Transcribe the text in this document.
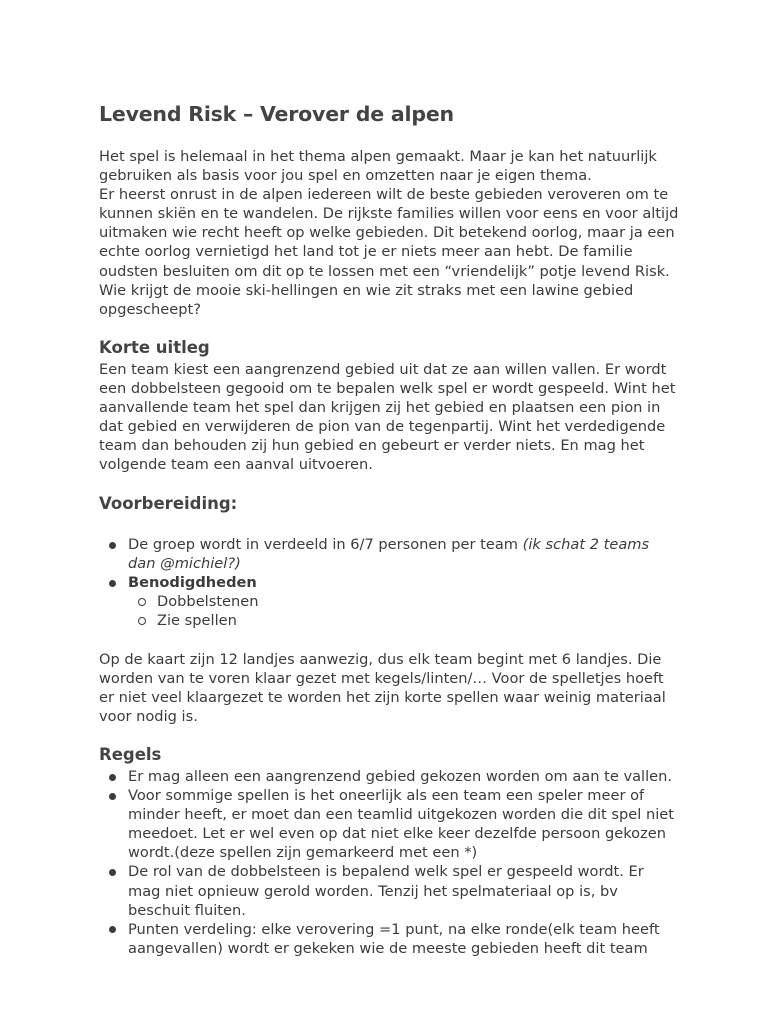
Levend Risk – Verover de alpen

Het spel is helemaal in het thema alpen gemaakt. Maar je kan het natuurlijk gebruiken als basis voor jou spel en omzetten naar je eigen thema.
Er heerst onrust in de alpen iedereen wilt de beste gebieden veroveren om te kunnen skiën en te wandelen. De rijkste families willen voor eens en voor altijd uitmaken wie recht heeft op welke gebieden. Dit betekend oorlog, maar ja een echte oorlog vernietigd het land tot je er niets meer aan hebt. De familie oudsten besluiten om dit op te lossen met een “vriendelijk” potje levend Risk. Wie krijgt de mooie ski-hellingen en wie zit straks met een lawine gebied opgescheept?

Korte uitleg

Een team kiest een aangrenzend gebied uit dat ze aan willen vallen. Er wordt een dobbelsteen gegooid om te bepalen welk spel er wordt gespeeld. Wint het aanvallende team het spel dan krijgen zij het gebied en plaatsen een pion in dat gebied en verwijderen de pion van de tegenpartij. Wint het verdedigende team dan behouden zij hun gebied en gebeurt er verder niets. En mag het volgende team een aanval uitvoeren.

Voorbereiding:
De groep wordt in verdeeld in 6/7 personen per team (ik schat 2 teams dan @michiel?)
Benodigdheden
Dobbelstenen
Zie spellen

Op de kaart zijn 12 landjes aanwezig, dus elk team begint met 6 landjes. Die worden van te voren klaar gezet met kegels/linten/… Voor de spelletjes hoeft er niet veel klaargezet te worden het zijn korte spellen waar weinig materiaal voor nodig is.

Regels
Er mag alleen een aangrenzend gebied gekozen worden om aan te vallen.
Voor sommige spellen is het oneerlijk als een team een speler meer of minder heeft, er moet dan een teamlid uitgekozen worden die dit spel niet meedoet. Let er wel even op dat niet elke keer dezelfde persoon gekozen wordt.(deze spellen zijn gemarkeerd met een *)
De rol van de dobbelsteen is bepalend welk spel er gespeeld wordt. Er mag niet opnieuw gerold worden. Tenzij het spelmateriaal op is, bv beschuit fluiten.
Punten verdeling: elke verovering =1 punt, na elke ronde(elk team heeft aangevallen) wordt er gekeken wie de meeste gebieden heeft dit team
